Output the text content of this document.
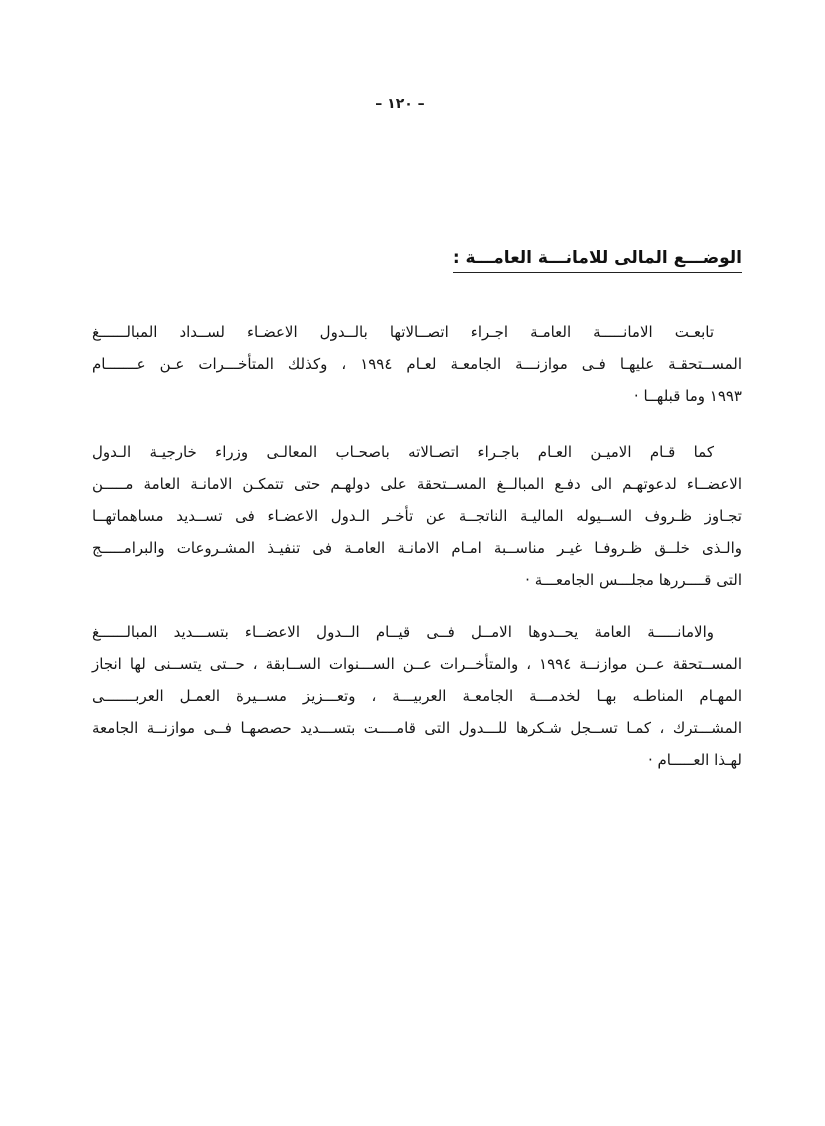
– ١٢٠ –
الوضـــع المالى للامانـــة العامـــة :
تابعـت الامانـــــة العامـة اجـراء اتصــالاتها بالــدول الاعضـاء لســداد المبالــــــغ
المســتحقـة عليهـا فـى موازنـــة الجامعـة لعـام ١٩٩٤ ، وكذلك المتأخـــرات عـن عـــــــام
١٩٩٣ وما قبلهــا ·
كما قـام الاميـن العـام باجـراء اتصـالاته باصحـاب المعالـى وزراء خارجيـة الـدول
الاعضــاء لدعوتهـم الى دفـع المبالــغ المســتحقة على دولهـم حتى تتمكـن الامانـة العامة مـــــن
تجـاوز ظـروف الســيوله الماليـة الناتجــة عن تأخـر الـدول الاعضـاء فى تســديد مساهماتهــا
والـذى خلــق ظـروفـا غيـر مناســبة امـام الامانـة العامـة فى تنفيـذ المشـروعات والبرامـــــج
التى قــــررها مجلـــس الجامعـــة ·
والامانـــــة العامة يحــدوها الامــل فــى قيــام الــدول الاعضــاء بتســـديد المبالــــــغ
المســتحقة عــن موازنــة ١٩٩٤ ، والمتأخــرات عــن الســـنوات الســابقة ، حــتى يتســنى لها انجاز
المهـام المناطـه بهـا لخدمـــة الجامعـة العربيـــة ، وتعـــزيز مســيرة العمـل العربـــــــى
المشـــترك ، كمـا تســجل شـكرها للـــدول التى قامــــت بتســـديد حصصهـا فــى موازنــة الجامعة
لهـذا العـــــام ·
